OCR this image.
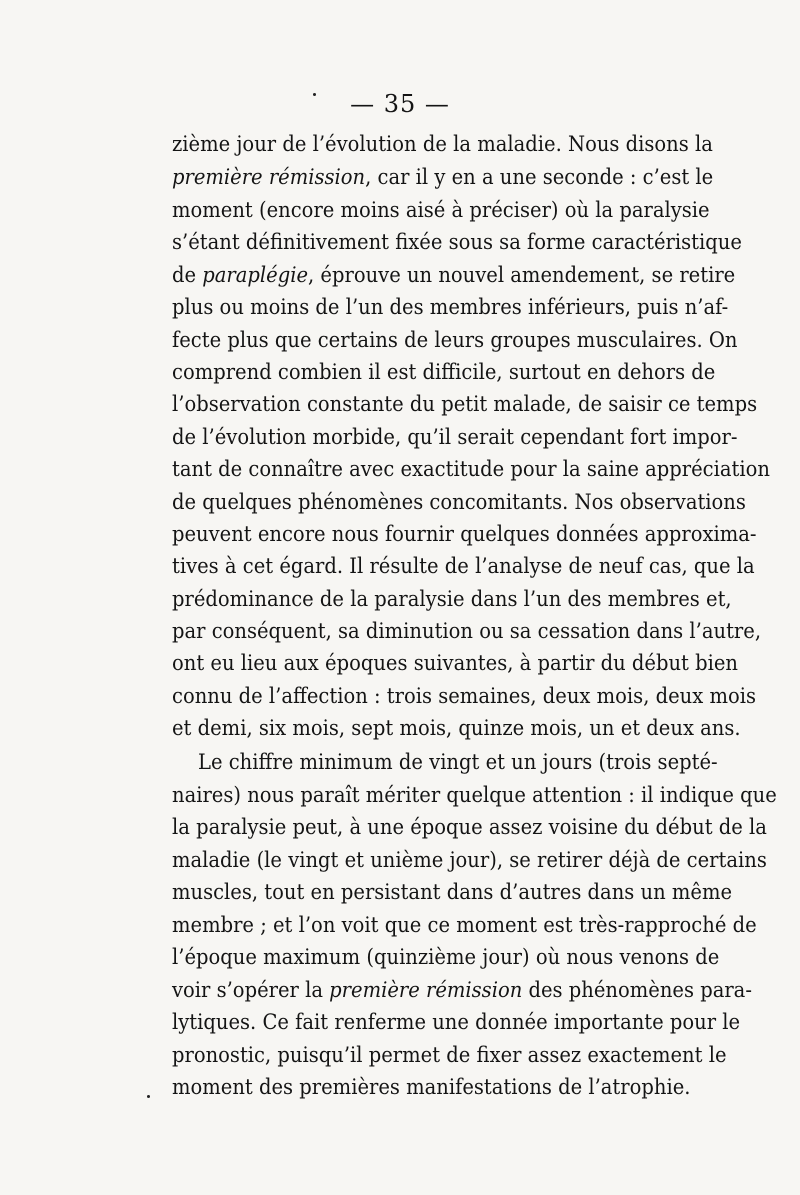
— 35 —
zième jour de l’évolution de la maladie. Nous disons la
première rémission, car il y en a une seconde : c’est le
moment (encore moins aisé à préciser) où la paralysie
s’étant définitivement fixée sous sa forme caractéristique
de paraplégie, éprouve un nouvel amendement, se retire
plus ou moins de l’un des membres inférieurs, puis n’af-
fecte plus que certains de leurs groupes musculaires. On
comprend combien il est difficile, surtout en dehors de
l’observation constante du petit malade, de saisir ce temps
de l’évolution morbide, qu’il serait cependant fort impor-
tant de connaître avec exactitude pour la saine appréciation
de quelques phénomènes concomitants. Nos observations
peuvent encore nous fournir quelques données approxima-
tives à cet égard. Il résulte de l’analyse de neuf cas, que la
prédominance de la paralysie dans l’un des membres et,
par conséquent, sa diminution ou sa cessation dans l’autre,
ont eu lieu aux époques suivantes, à partir du début bien
connu de l’affection : trois semaines, deux mois, deux mois
et demi, six mois, sept mois, quinze mois, un et deux ans.
Le chiffre minimum de vingt et un jours (trois septé-
naires) nous paraît mériter quelque attention : il indique que
la paralysie peut, à une époque assez voisine du début de la
maladie (le vingt et unième jour), se retirer déjà de certains
muscles, tout en persistant dans d’autres dans un même
membre ; et l’on voit que ce moment est très-rapproché de
l’époque maximum (quinzième jour) où nous venons de
voir s’opérer la première rémission des phénomènes para-
lytiques. Ce fait renferme une donnée importante pour le
pronostic, puisqu’il permet de fixer assez exactement le
moment des premières manifestations de l’atrophie.
